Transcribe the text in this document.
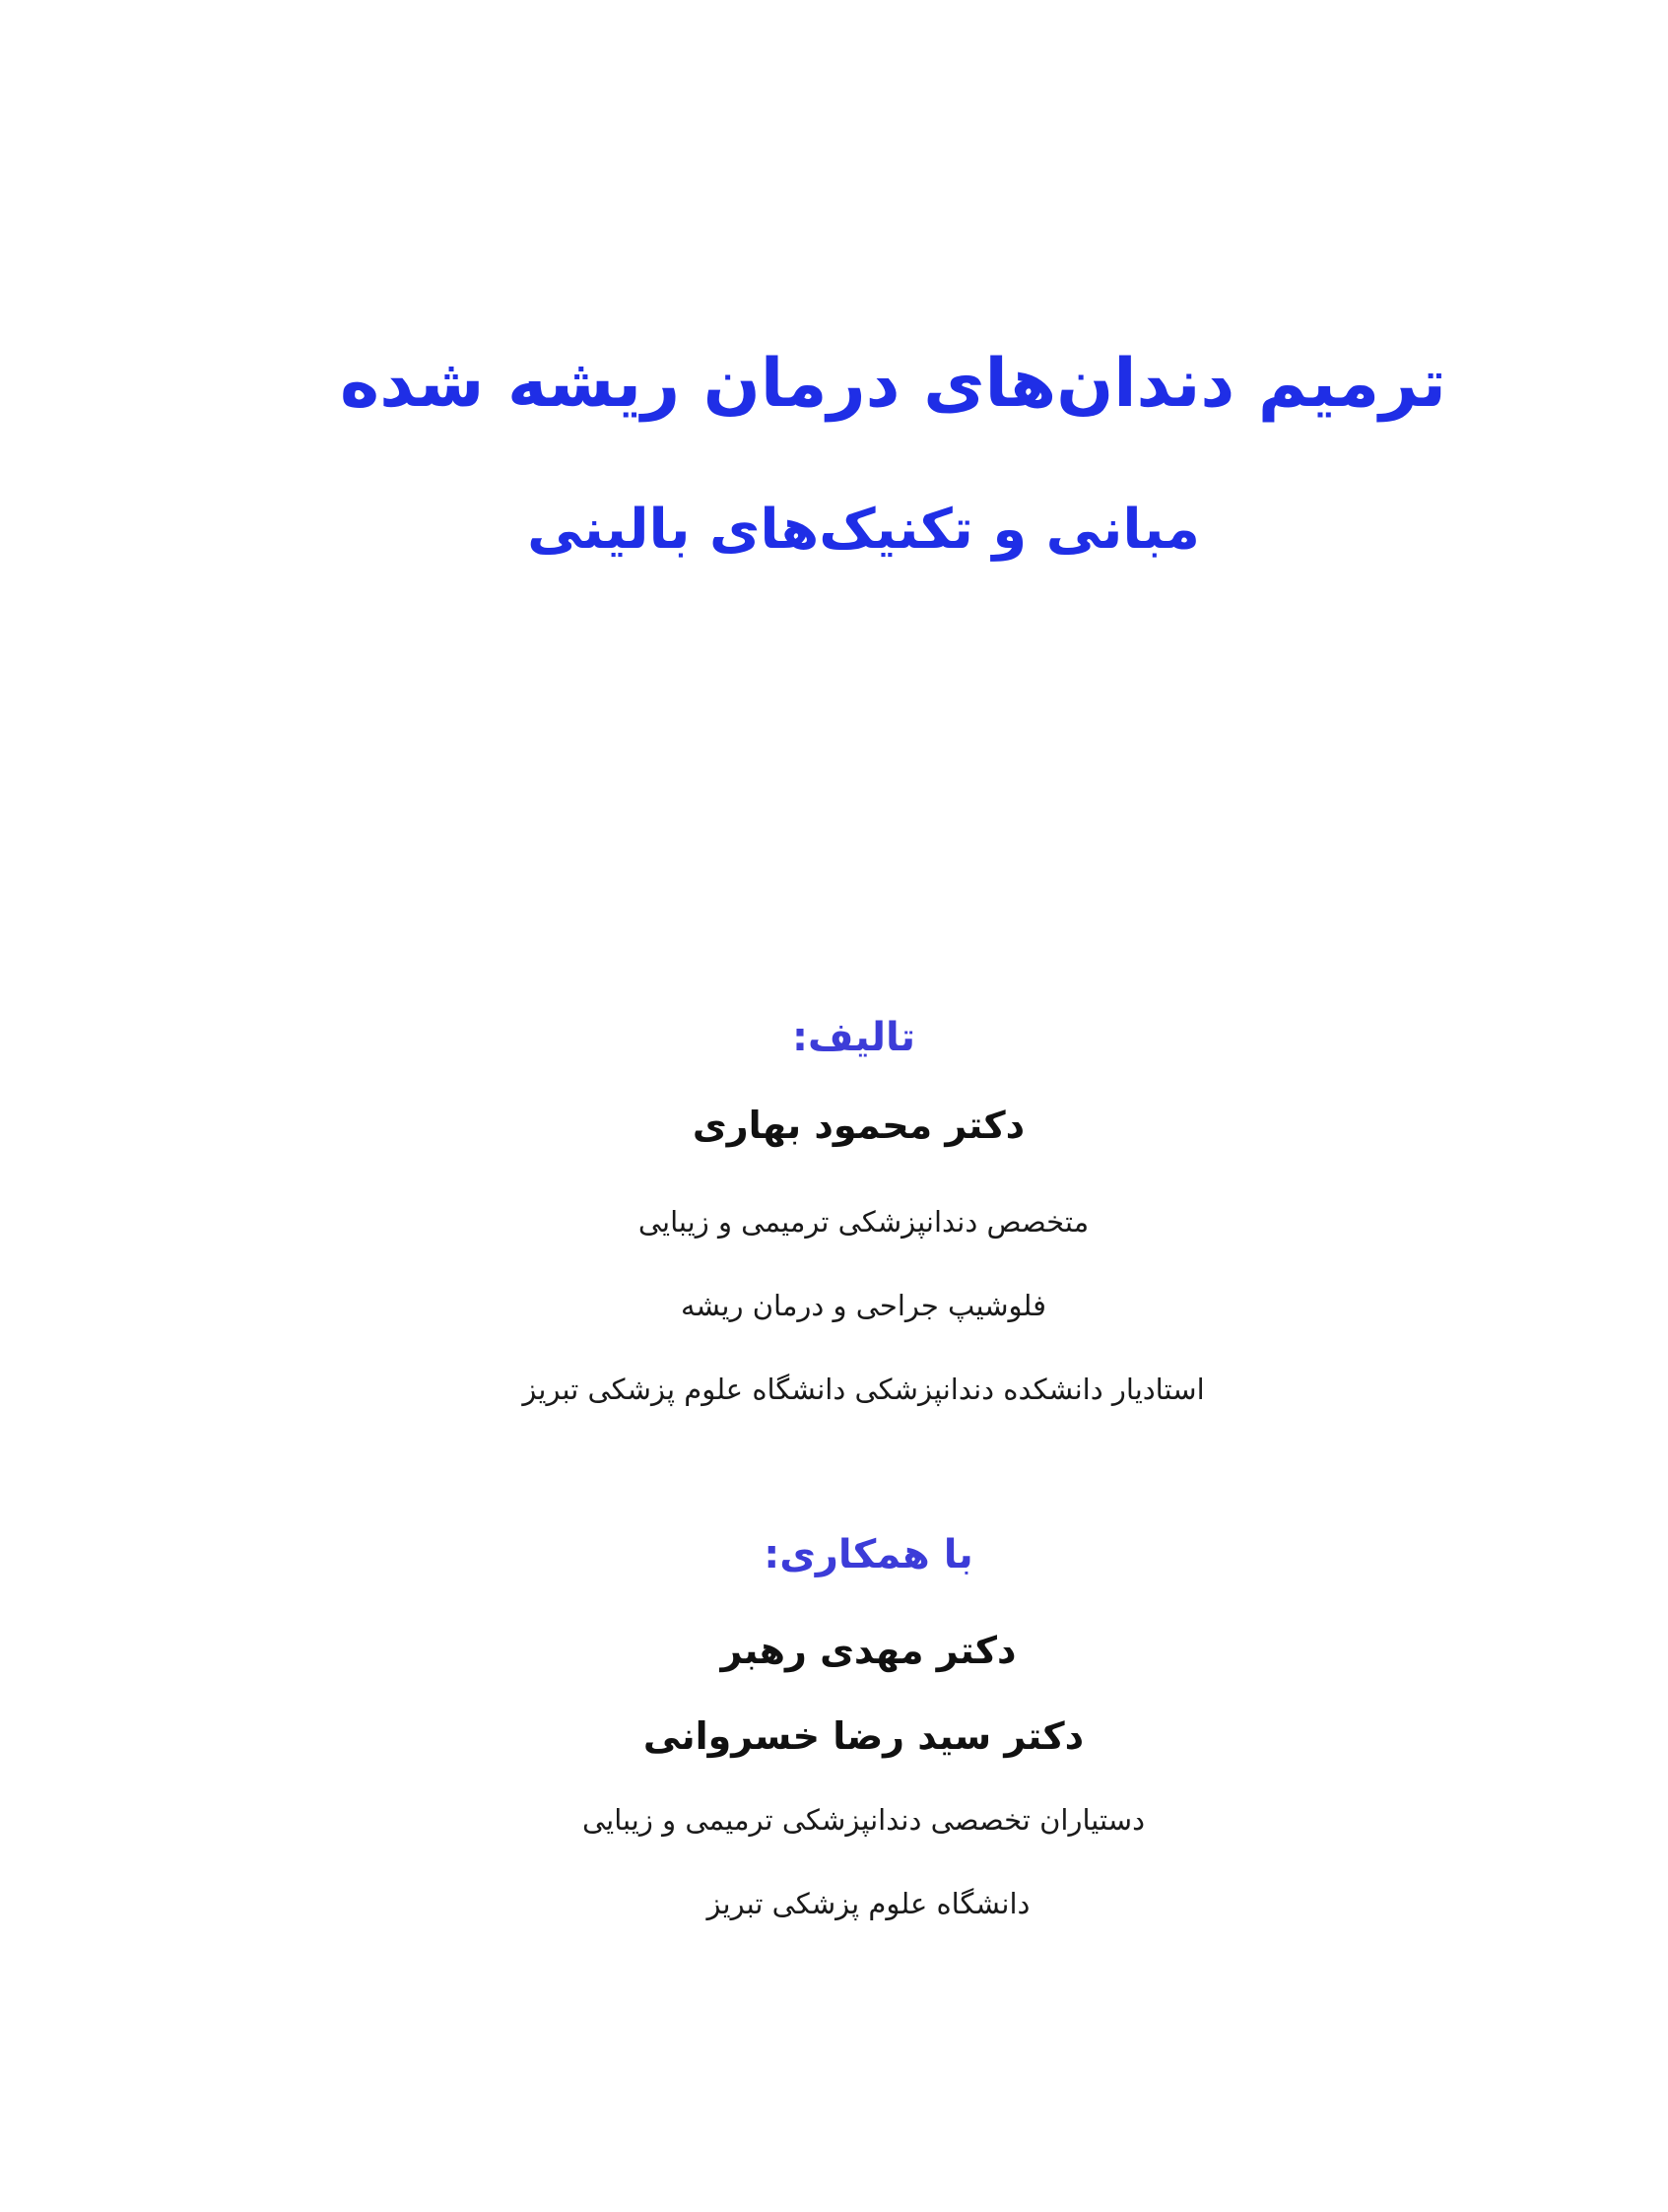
ترمیم دندان‌های درمان ریشه شده
مبانی و تکنیک‌های بالینی
تالیف:
دکتر محمود بهاری
متخصص دندانپزشکی ترمیمی و زیبایی
فلوشیپ جراحی و درمان ریشه
استادیار دانشکده دندانپزشکی دانشگاه علوم پزشکی تبریز
با همکاری:
دکتر مهدی رهبر
دکتر سید رضا خسروانی
دستیاران تخصصی دندانپزشکی ترمیمی و زیبایی
دانشگاه علوم پزشکی تبریز
